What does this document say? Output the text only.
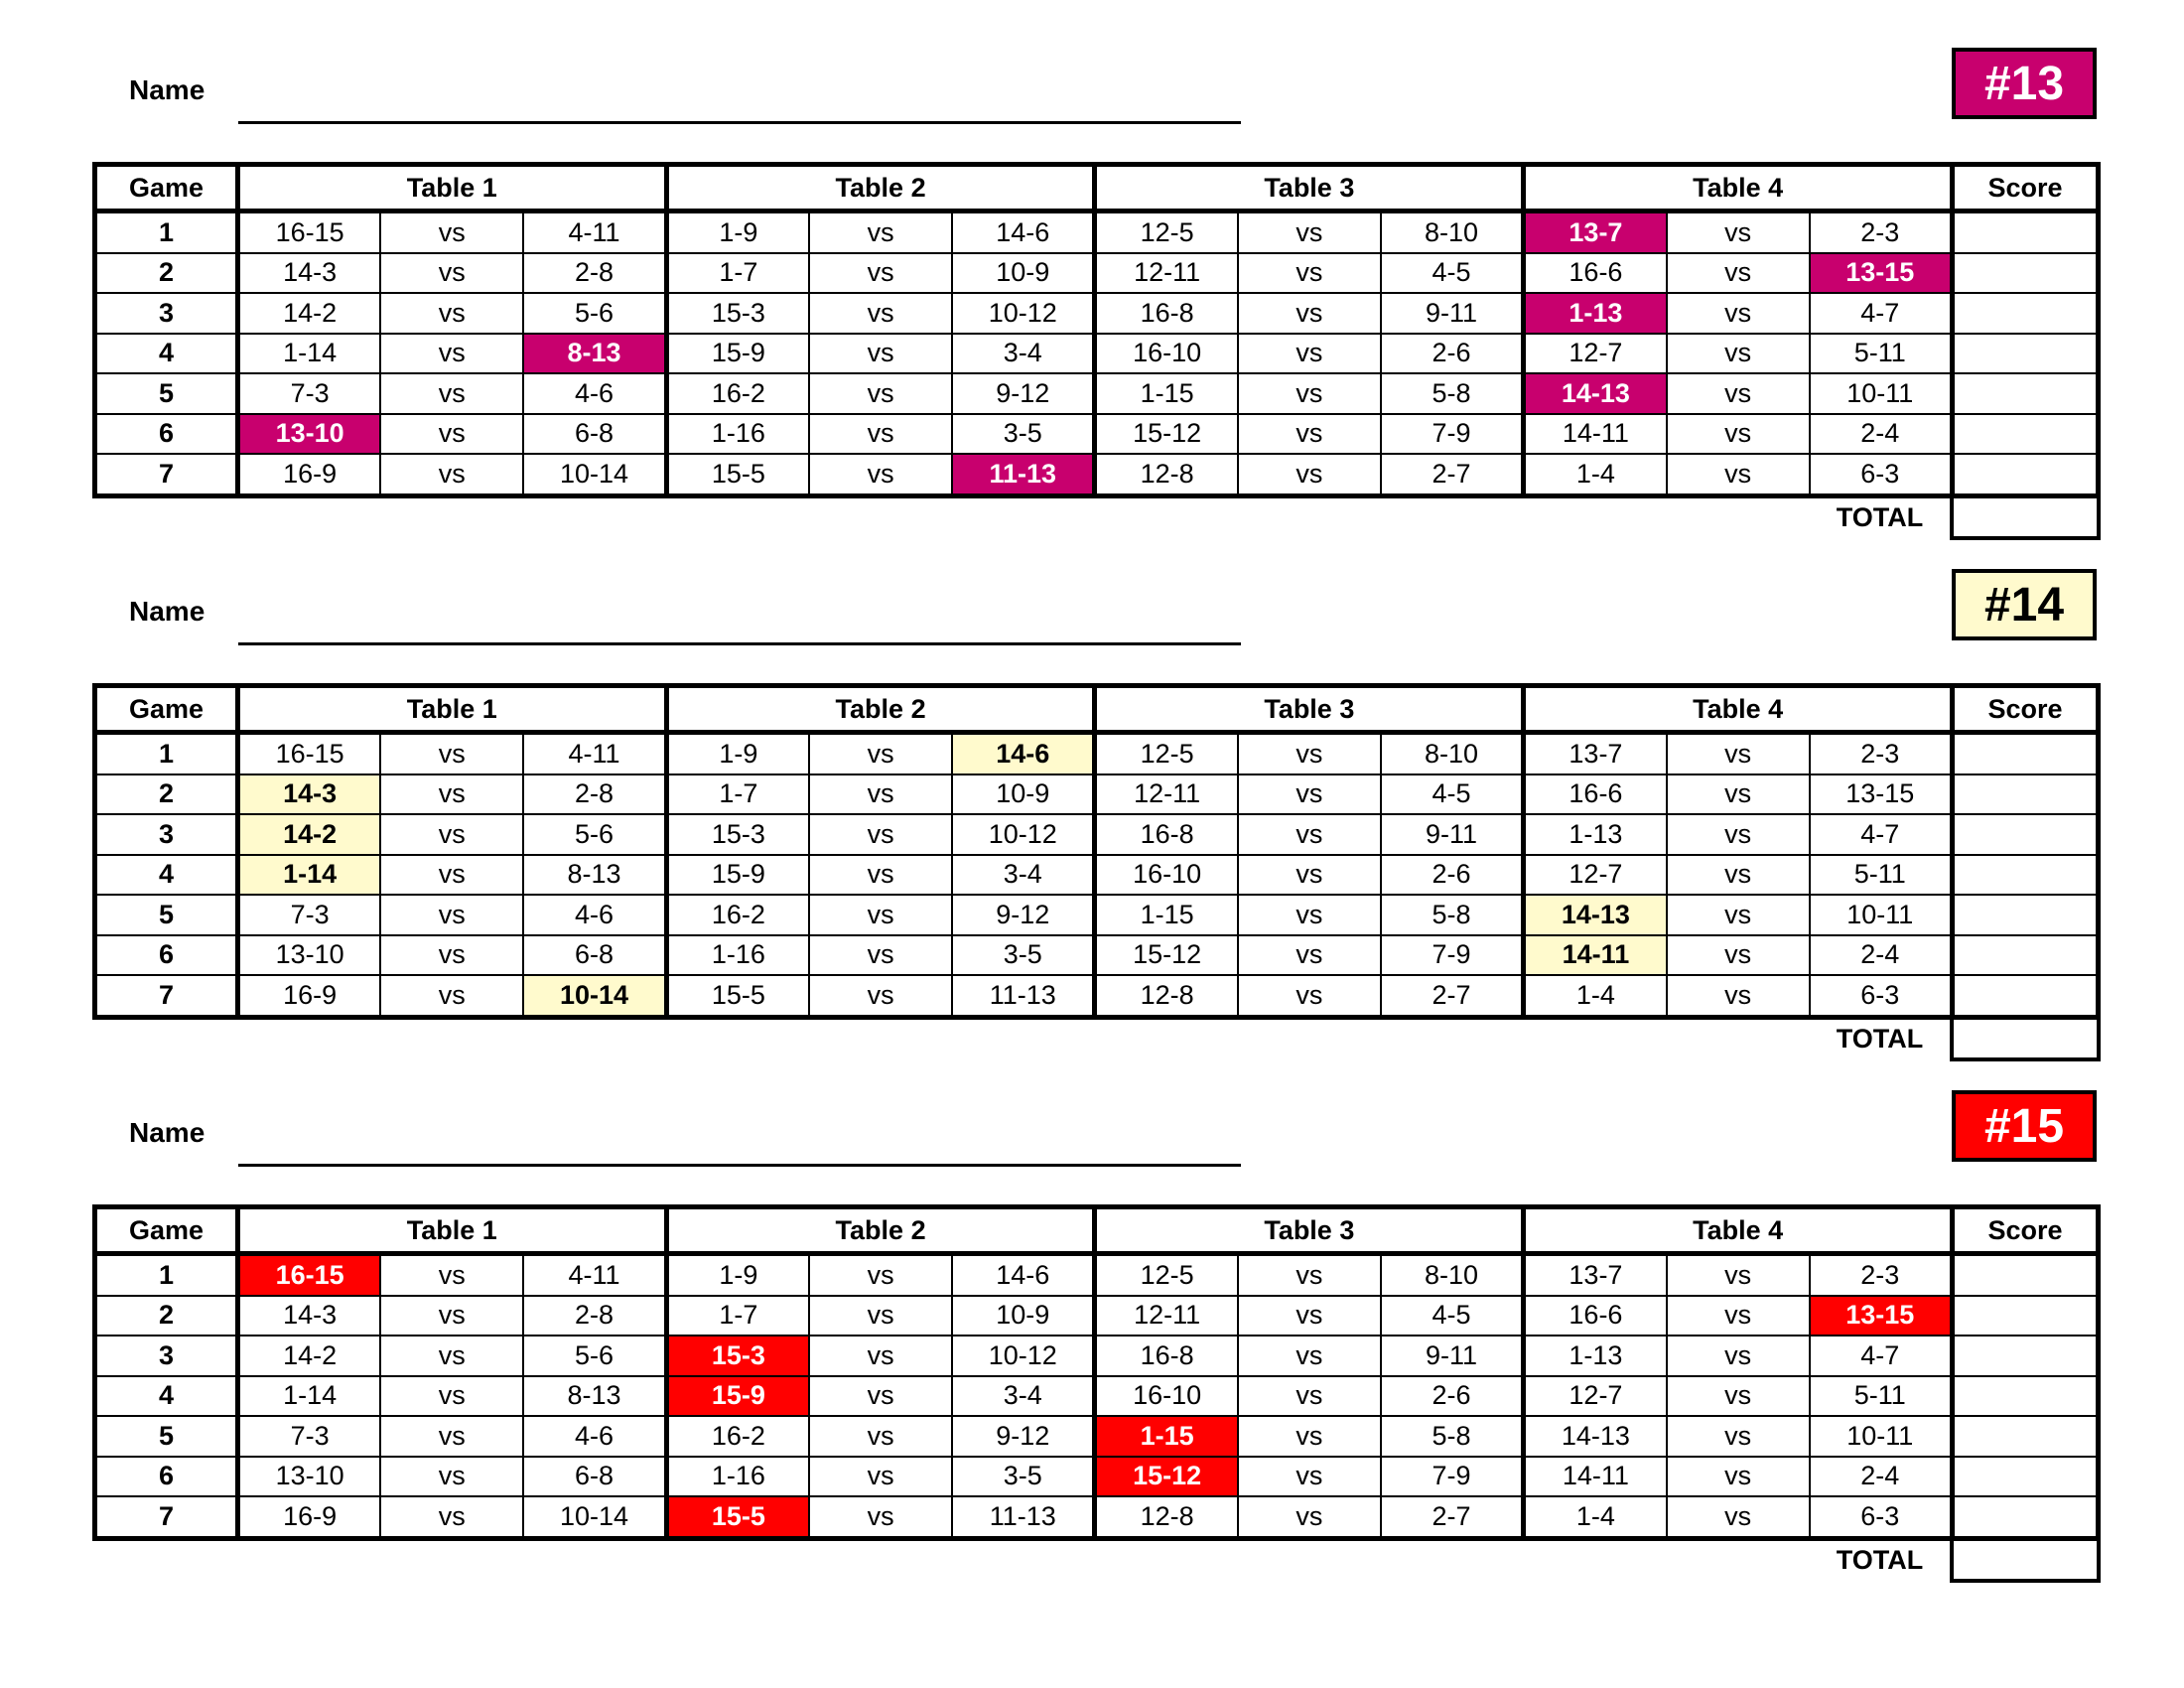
Name	#13
Game	Table 1			Table 2			Table 3			Table 4			Score
1	16-15	vs	4-11	1-9	vs	14-6	12-5	vs	8-10	13-7	vs	2-3	
2	14-3	vs	2-8	1-7	vs	10-9	12-11	vs	4-5	16-6	vs	13-15	
3	14-2	vs	5-6	15-3	vs	10-12	16-8	vs	9-11	1-13	vs	4-7	
4	1-14	vs	8-13	15-9	vs	3-4	16-10	vs	2-6	12-7	vs	5-11	
5	7-3	vs	4-6	16-2	vs	9-12	1-15	vs	5-8	14-13	vs	10-11	
6	13-10	vs	6-8	1-16	vs	3-5	15-12	vs	7-9	14-11	vs	2-4	
7	16-9	vs	10-14	15-5	vs	11-13	12-8	vs	2-7	1-4	vs	6-3	
												TOTAL	
Name	#14
Game	Table 1			Table 2			Table 3			Table 4			Score
1	16-15	vs	4-11	1-9	vs	14-6	12-5	vs	8-10	13-7	vs	2-3	
2	14-3	vs	2-8	1-7	vs	10-9	12-11	vs	4-5	16-6	vs	13-15	
3	14-2	vs	5-6	15-3	vs	10-12	16-8	vs	9-11	1-13	vs	4-7	
4	1-14	vs	8-13	15-9	vs	3-4	16-10	vs	2-6	12-7	vs	5-11	
5	7-3	vs	4-6	16-2	vs	9-12	1-15	vs	5-8	14-13	vs	10-11	
6	13-10	vs	6-8	1-16	vs	3-5	15-12	vs	7-9	14-11	vs	2-4	
7	16-9	vs	10-14	15-5	vs	11-13	12-8	vs	2-7	1-4	vs	6-3	
												TOTAL	
Name	#15
Game	Table 1			Table 2			Table 3			Table 4			Score
1	16-15	vs	4-11	1-9	vs	14-6	12-5	vs	8-10	13-7	vs	2-3	
2	14-3	vs	2-8	1-7	vs	10-9	12-11	vs	4-5	16-6	vs	13-15	
3	14-2	vs	5-6	15-3	vs	10-12	16-8	vs	9-11	1-13	vs	4-7	
4	1-14	vs	8-13	15-9	vs	3-4	16-10	vs	2-6	12-7	vs	5-11	
5	7-3	vs	4-6	16-2	vs	9-12	1-15	vs	5-8	14-13	vs	10-11	
6	13-10	vs	6-8	1-16	vs	3-5	15-12	vs	7-9	14-11	vs	2-4	
7	16-9	vs	10-14	15-5	vs	11-13	12-8	vs	2-7	1-4	vs	6-3	
												TOTAL	
